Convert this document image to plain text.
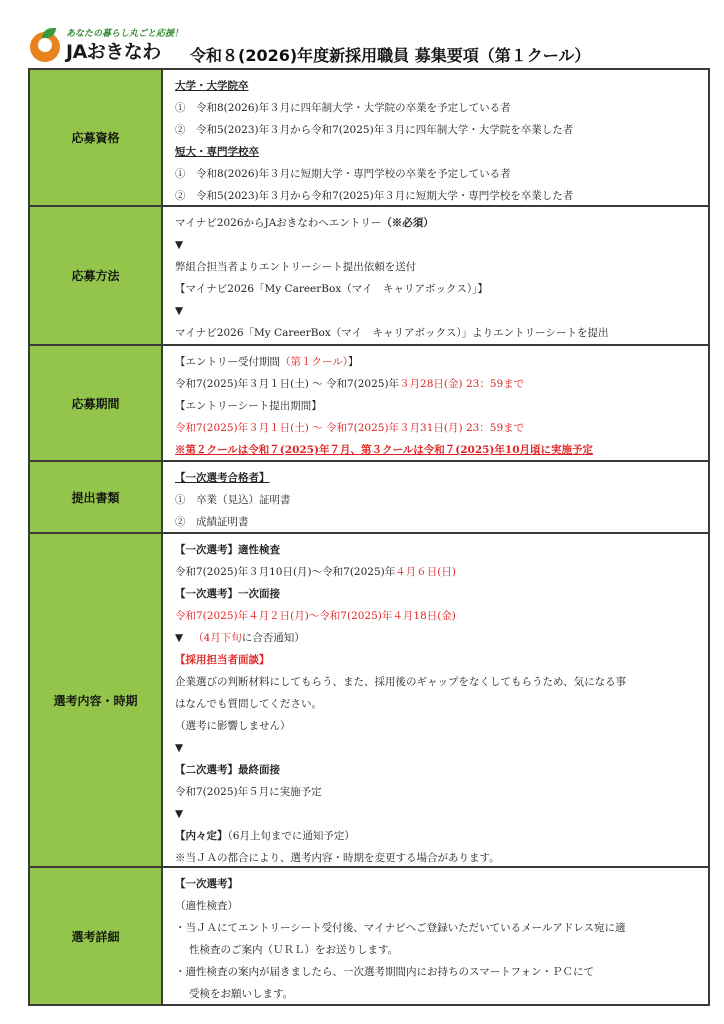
あなたの暮らし丸ごと応援！
JAおきなわ 令和８(2026)年度新採用職員 募集要項（第１クール）
応募資格
大学・大学院卒
①　令和8(2026)年３月に四年制大学・大学院の卒業を予定している者
②　令和5(2023)年３月から令和7(2025)年３月に四年制大学・大学院を卒業した者
短大・専門学校卒
①　令和8(2026)年３月に短期大学・専門学校の卒業を予定している者
②　令和5(2023)年３月から令和7(2025)年３月に短期大学・専門学校を卒業した者
応募方法
マイナビ2026からJAおきなわへエントリー（※必須）
▼
弊組合担当者よりエントリーシート提出依頼を送付
【マイナビ2026「My CareerBox（マイ　キャリアボックス）」】
▼
マイナビ2026「My CareerBox（マイ　キャリアボックス）」よりエントリーシートを提出
応募期間
【エントリー受付期間（第１クール）】
令和7(2025)年３月１日(土) ～ 令和7(2025)年３月28日(金) 23：59まで
【エントリーシート提出期間】
令和7(2025)年３月１日(土) ～ 令和7(2025)年３月31日(月) 23：59まで
※第２クールは令和７(2025)年７月、第３クールは令和７(2025)年10月頃に実施予定
提出書類
【一次選考合格者】
①　卒業（見込）証明書
②　成績証明書
選考内容・時期
【一次選考】適性検査
令和7(2025)年３月10日(月)～令和7(2025)年４月６日(日)
【一次選考】一次面接
令和7(2025)年４月２日(月)～令和7(2025)年４月18日(金)
▼ （4月下旬に合否通知）
【採用担当者面談】
企業選びの判断材料にしてもらう、また、採用後のギャップをなくしてもらうため、気になる事
はなんでも質問してください。
（選考に影響しません）
▼
【二次選考】最終面接
令和7(2025)年５月に実施予定
▼
【内々定】（6月上旬までに通知予定）
※当ＪＡの都合により、選考内容・時期を変更する場合があります。
選考詳細
【一次選考】
（適性検査）
・当ＪＡにてエントリーシート受付後、マイナビへご登録いただいているメールアドレス宛に適
性検査のご案内（ＵＲＬ）をお送りします。
・適性検査の案内が届きましたら、一次選考期間内にお持ちのスマートフォン・ＰＣにて
受検をお願いします。
